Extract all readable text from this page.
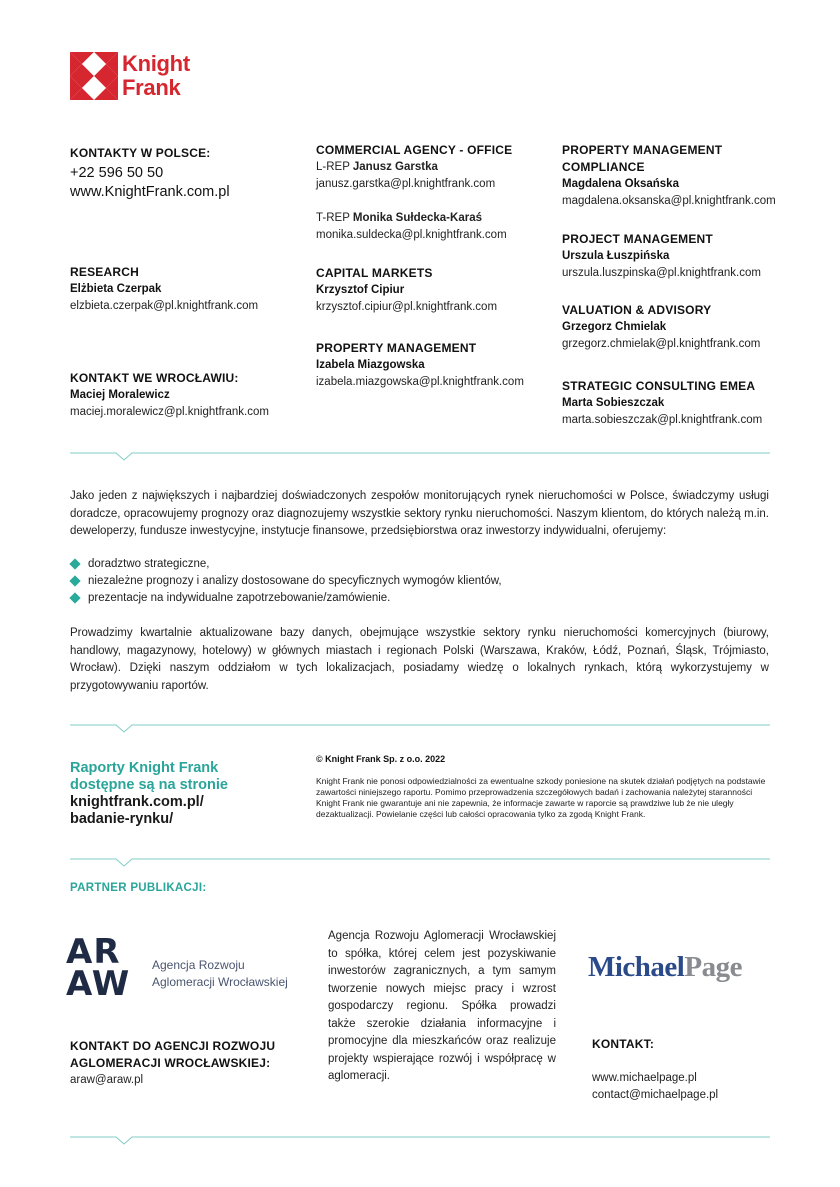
Knight
Frank
KONTAKTY W POLSCE:
+22 596 50 50
www.KnightFrank.com.pl
RESEARCH
Elżbieta Czerpak
elzbieta.czerpak@pl.knightfrank.com
KONTAKT WE WROCŁAWIU:
Maciej Moralewicz
maciej.moralewicz@pl.knightfrank.com
COMMERCIAL AGENCY - OFFICE
L-REP Janusz Garstka
janusz.garstka@pl.knightfrank.com
T-REP Monika Sułdecka-Karaś
monika.suldecka@pl.knightfrank.com
CAPITAL MARKETS
Krzysztof Cipiur
krzysztof.cipiur@pl.knightfrank.com
PROPERTY MANAGEMENT
Izabela Miazgowska
izabela.miazgowska@pl.knightfrank.com
PROPERTY MANAGEMENT
COMPLIANCE
Magdalena Oksańska
magdalena.oksanska@pl.knightfrank.com
PROJECT MANAGEMENT
Urszula Łuszpińska
urszula.luszpinska@pl.knightfrank.com
VALUATION & ADVISORY
Grzegorz Chmielak
grzegorz.chmielak@pl.knightfrank.com
STRATEGIC CONSULTING EMEA
Marta Sobieszczak
marta.sobieszczak@pl.knightfrank.com
Jako jeden z największych i najbardziej doświadczonych zespołów monitorujących rynek nieruchomości w Polsce, świadczymy usługi doradcze, opracowujemy prognozy oraz diagnozujemy wszystkie sektory rynku nieruchomości. Naszym klientom, do których należą m.in. deweloperzy, fundusze inwestycyjne, instytucje finansowe, przedsiębiorstwa oraz inwestorzy indywidualni, oferujemy:
doradztwo strategiczne,
niezależne prognozy i analizy dostosowane do specyficznych wymogów klientów,
prezentacje na indywidualne zapotrzebowanie/zamówienie.
Prowadzimy kwartalnie aktualizowane bazy danych, obejmujące wszystkie sektory rynku nieruchomości komercyjnych (biurowy, handlowy, magazynowy, hotelowy) w głównych miastach i regionach Polski (Warszawa, Kraków, Łódź, Poznań, Śląsk, Trójmiasto, Wrocław). Dzięki naszym oddziałom w tych lokalizacjach, posiadamy wiedzę o lokalnych rynkach, którą wykorzystujemy w przygotowywaniu raportów.
Raporty Knight Frank
dostępne są na stronie
knightfrank.com.pl/
badanie-rynku/
© Knight Frank Sp. z o.o. 2022
Knight Frank nie ponosi odpowiedzialności za ewentualne szkody poniesione na skutek działań podjętych na podstawie zawartości niniejszego raportu. Pomimo przeprowadzenia szczegółowych badań i zachowania należytej staranności Knight Frank nie gwarantuje ani nie zapewnia, że informacje zawarte w raporcie są prawdziwe lub że nie uległy dezaktualizacji. Powielanie części lub całości opracowania tylko za zgodą Knight Frank.
PARTNER PUBLIKACJI:
AR
AW Agencja Rozwoju
Aglomeracji Wrocławskiej
Agencja Rozwoju Aglomeracji Wrocławskiej to spółka, której celem jest pozyskiwanie inwestorów zagranicznych, a tym samym tworzenie nowych miejsc pracy i wzrost gospodarczy regionu. Spółka prowadzi także szerokie działania informacyjne i promocyjne dla mieszkańców oraz realizuje projekty wspierające rozwój i współpracę w aglomeracji.
MichaelPage
KONTAKT DO AGENCJI ROZWOJU
AGLOMERACJI WROCŁAWSKIEJ:
araw@araw.pl
KONTAKT:
www.michaelpage.pl
contact@michaelpage.pl
